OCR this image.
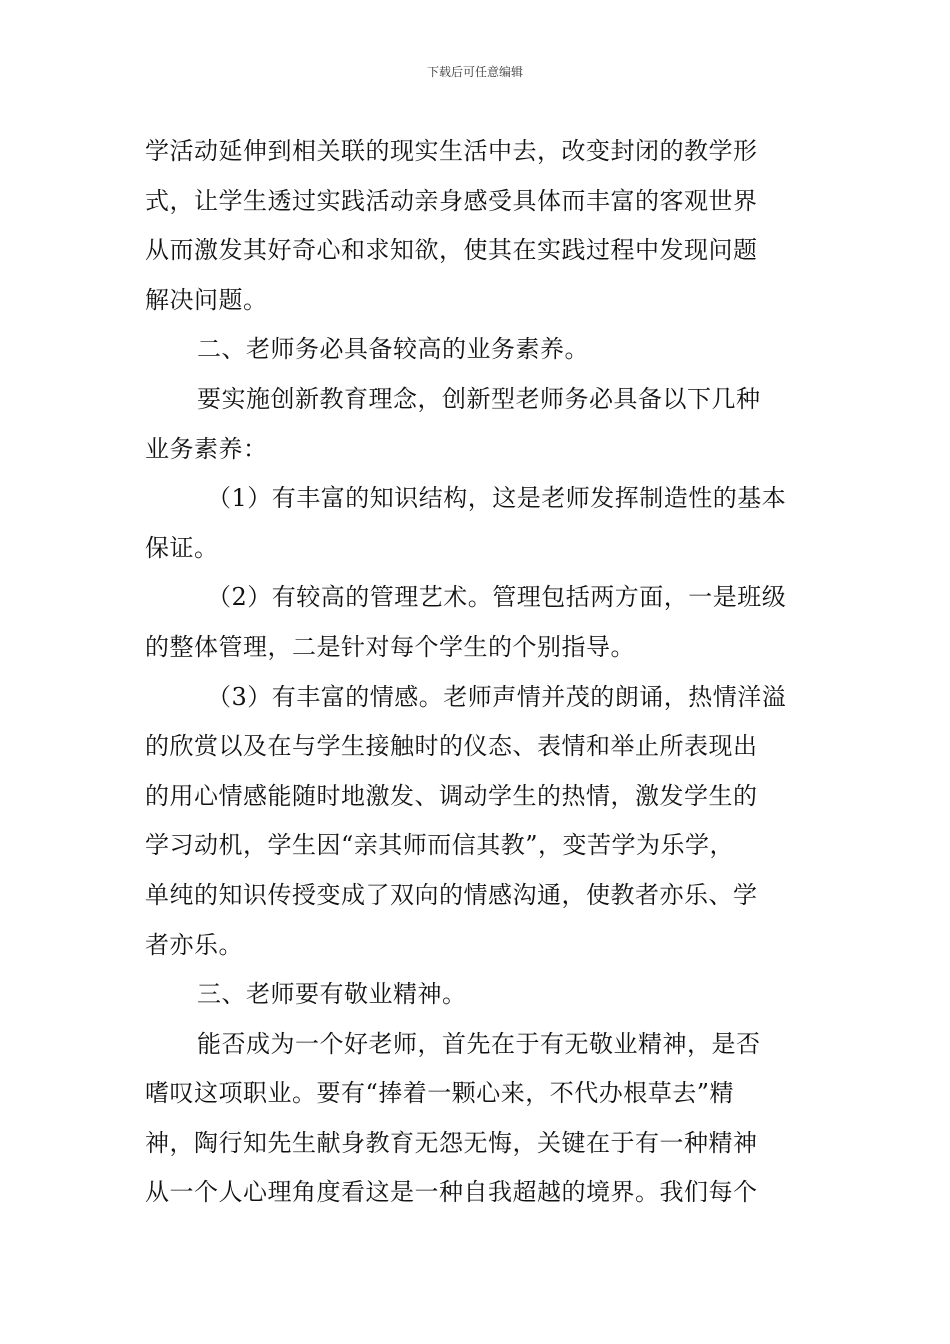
下载后可任意编辑
学活动延伸到相关联的现实生活中去，改变封闭的教学形
式，让学生透过实践活动亲身感受具体而丰富的客观世界
从而激发其好奇心和求知欲，使其在实践过程中发现问题
解决问题。
二、老师务必具备较高的业务素养。
要实施创新教育理念，创新型老师务必具备以下几种
业务素养：
（1）有丰富的知识结构，这是老师发挥制造性的基本
保证。
（2）有较高的管理艺术。管理包括两方面，一是班级
的整体管理，二是针对每个学生的个别指导。
（3）有丰富的情感。老师声情并茂的朗诵，热情洋溢
的欣赏以及在与学生接触时的仪态、表情和举止所表现出
的用心情感能随时地激发、调动学生的热情，激发学生的
学习动机，学生因“亲其师而信其教”，变苦学为乐学，
单纯的知识传授变成了双向的情感沟通，使教者亦乐、学
者亦乐。
三、老师要有敬业精神。
能否成为一个好老师，首先在于有无敬业精神，是否
嗜叹这项职业。要有“捧着一颗心来，不代办根草去”精
神，陶行知先生献身教育无怨无悔，关键在于有一种精神
从一个人心理角度看这是一种自我超越的境界。我们每个
